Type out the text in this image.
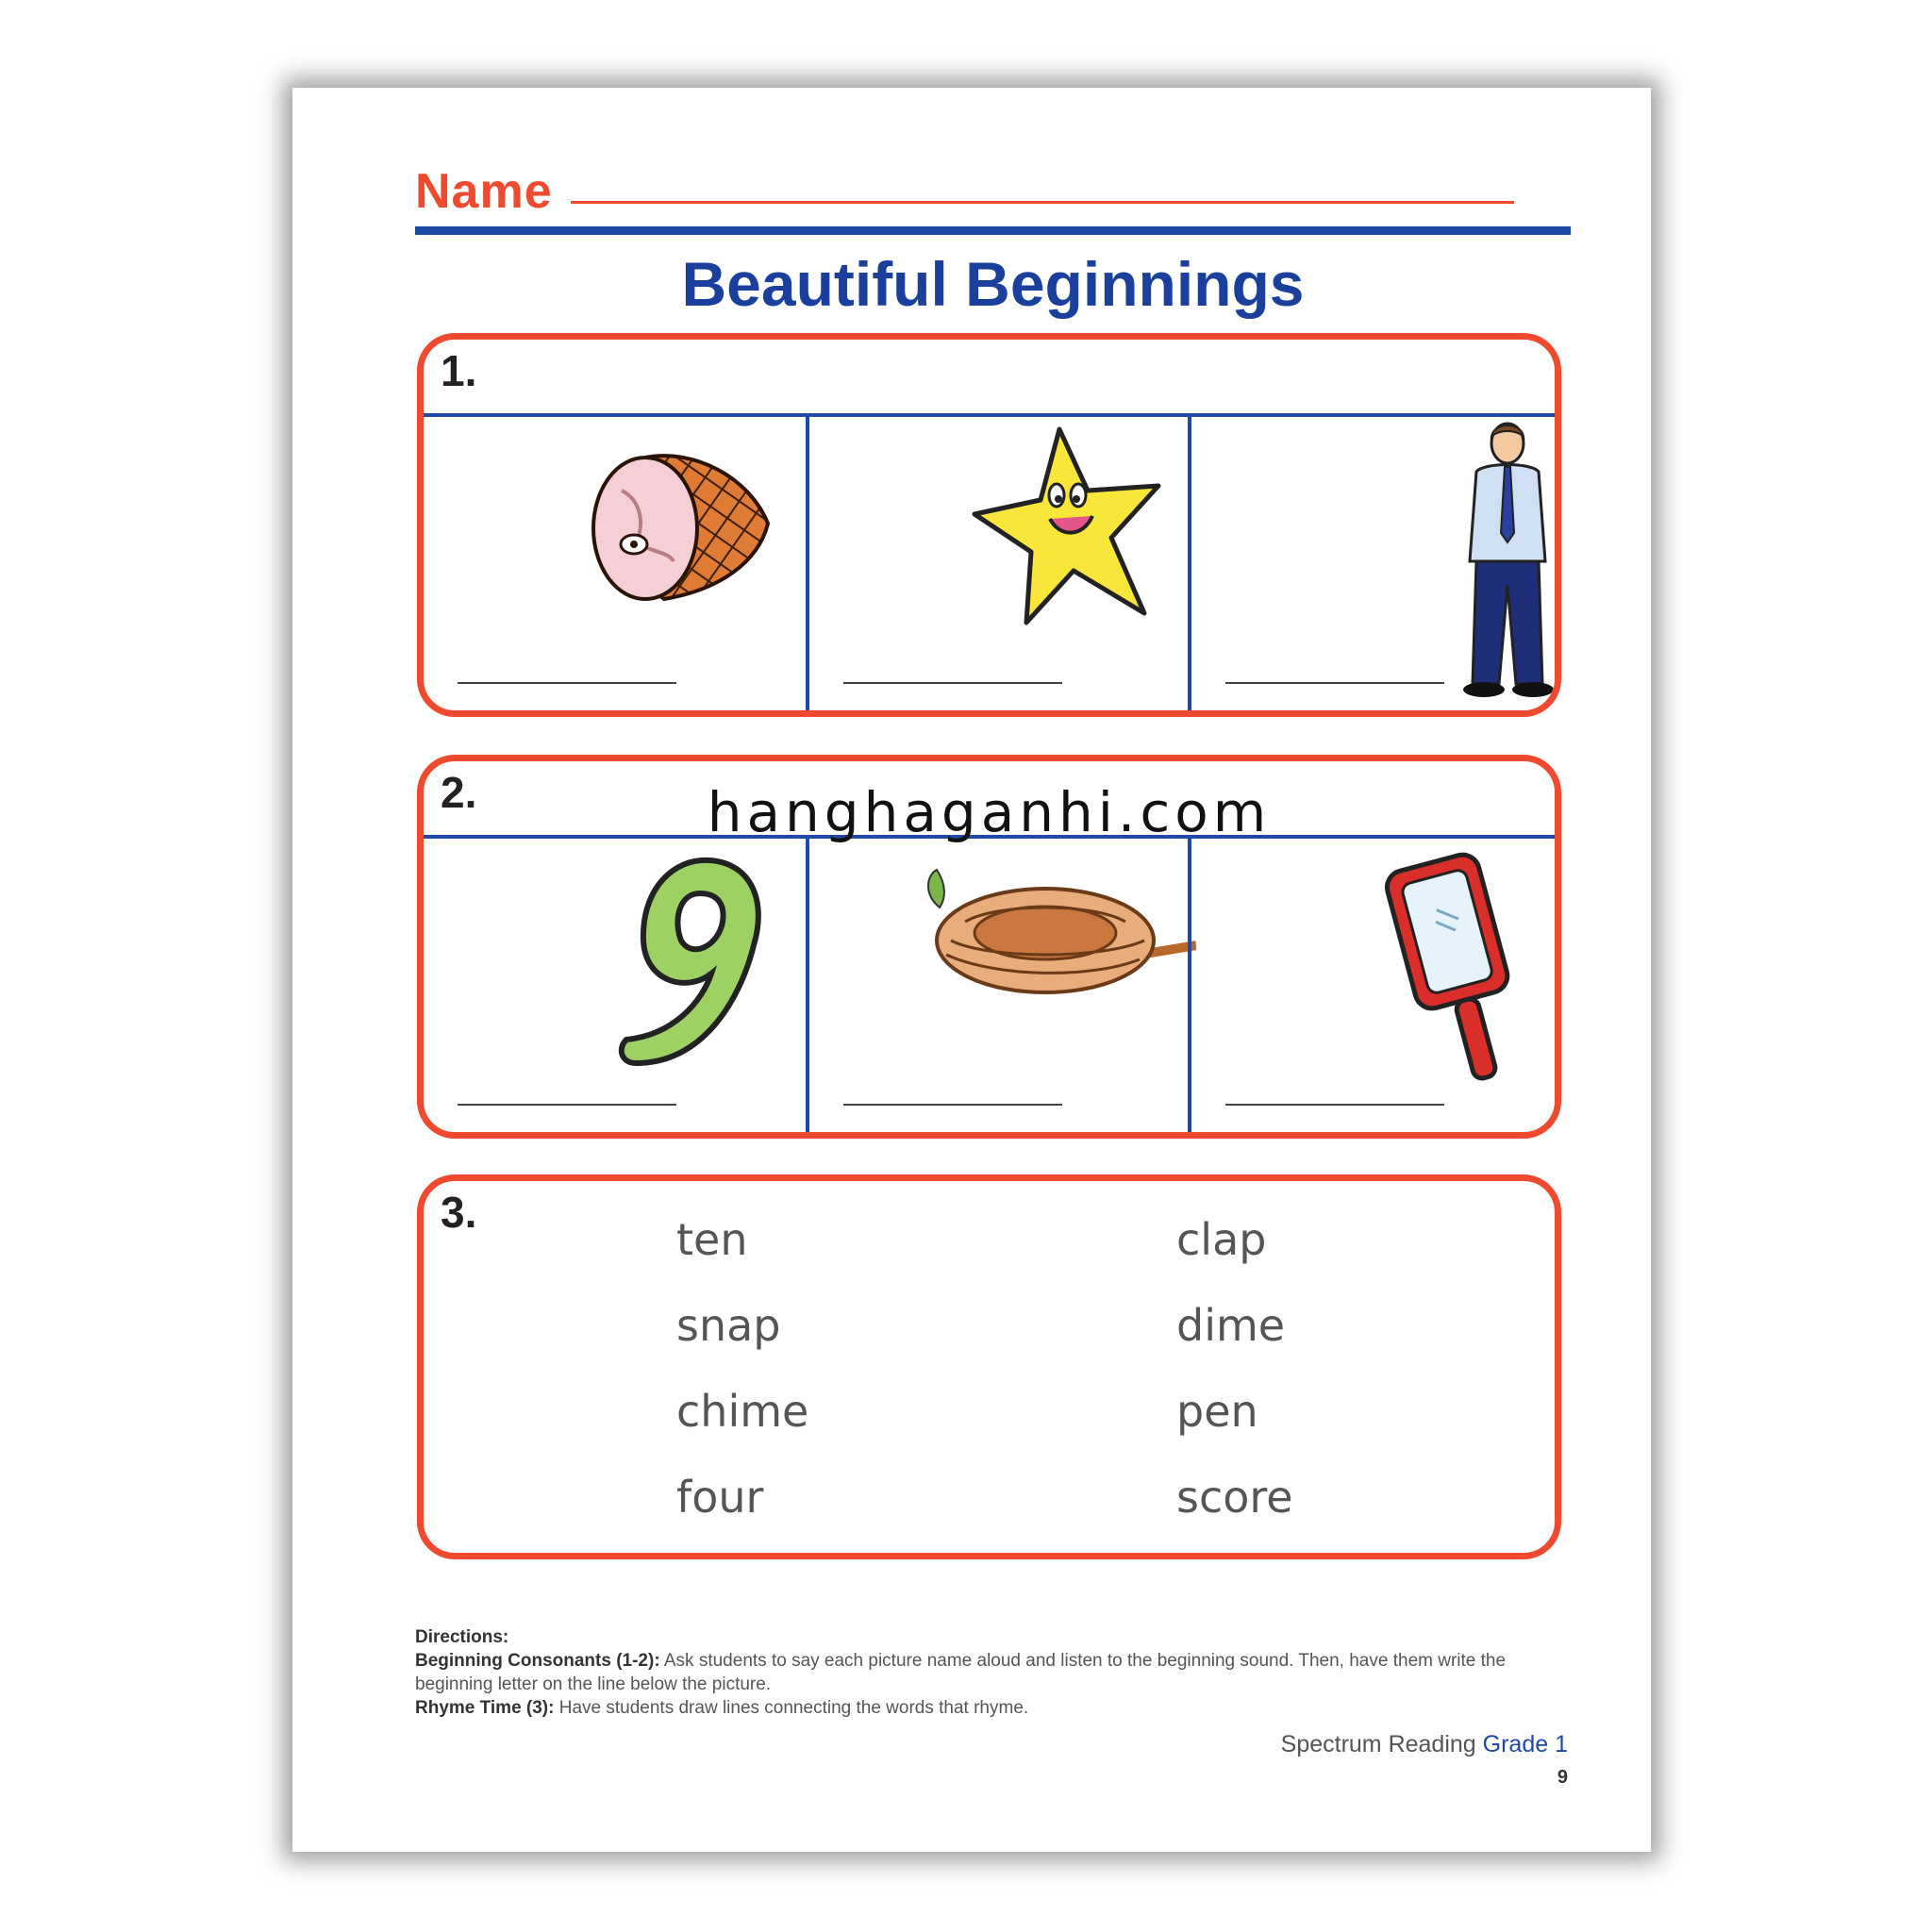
Name
Beautiful Beginnings
1.
2.	hanghaganhi.com
3.
ten
snap
chime
four
clap
dime
pen
score
Directions:
Beginning Consonants (1-2): Ask students to say each picture name aloud and listen to the beginning sound. Then, have them write the beginning letter on the line below the picture.
Rhyme Time (3): Have students draw lines connecting the words that rhyme.
Spectrum Reading Grade 1
9
